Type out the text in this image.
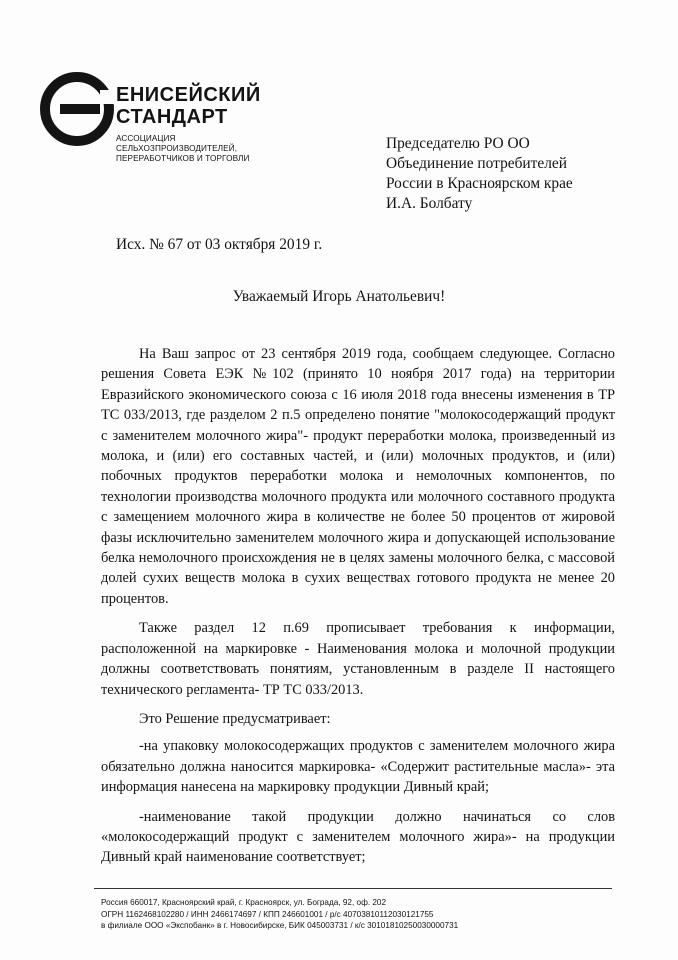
ЕНИСЕЙСКИЙ
СТАНДАРТ
АССОЦИАЦИЯ
СЕЛЬХОЗПРОИЗВОДИТЕЛЕЙ,
ПЕРЕРАБОТЧИКОВ И ТОРГОВЛИ
Председателю РО ОО
Объединение потребителей
России в Красноярском крае
И.А. Болбату
Исх. № 67 от 03 октября 2019 г.
Уважаемый Игорь Анатольевич!

На Ваш запрос от 23 сентября 2019 года, сообщаем следующее. Согласно решения Совета ЕЭК №102 (принято 10 ноября 2017 года) на территории Евразийского экономического союза с 16 июля 2018 года внесены изменения в ТР ТС 033/2013, где разделом 2 п.5 определено понятие "молокосодержащий продукт с заменителем молочного жира"- продукт переработки молока, произведенный из молока, и (или) его составных частей, и (или) молочных продуктов, и (или) побочных продуктов переработки молока и немолочных компонентов, по технологии производства молочного продукта или молочного составного продукта с замещением молочного жира в количестве не более 50 процентов от жировой фазы исключительно заменителем молочного жира и допускающей использование белка немолочного происхождения не в целях замены молочного белка, с массовой долей сухих веществ молока в сухих веществах готового продукта не менее 20 процентов.

Также раздел 12 п.69 прописывает требования к информации, расположенной на маркировке - Наименования молока и молочной продукции должны соответствовать понятиям, установленным в разделе II настоящего технического регламента- ТР ТС 033/2013.

Это Решение предусматривает:

-на упаковку молокосодержащих продуктов с заменителем молочного жира обязательно должна наносится маркировка- «Содержит растительные масла»- эта информация нанесена на маркировку продукции Дивный край;

-наименование такой продукции должно начинаться со слов «молокосодержащий продукт с заменителем молочного жира»- на продукции Дивный край наименование соответствует;

Россия 660017, Красноярский край, г. Красноярск, ул. Бограда, 92, оф. 202
ОГРН 1162468102280 / ИНН 2466174697 / КПП 246601001 / р/с 40703810112030121755
в филиале ООО «Экспобанк» в г. Новосибирске, БИК 045003731 / к/с 30101810250030000731
